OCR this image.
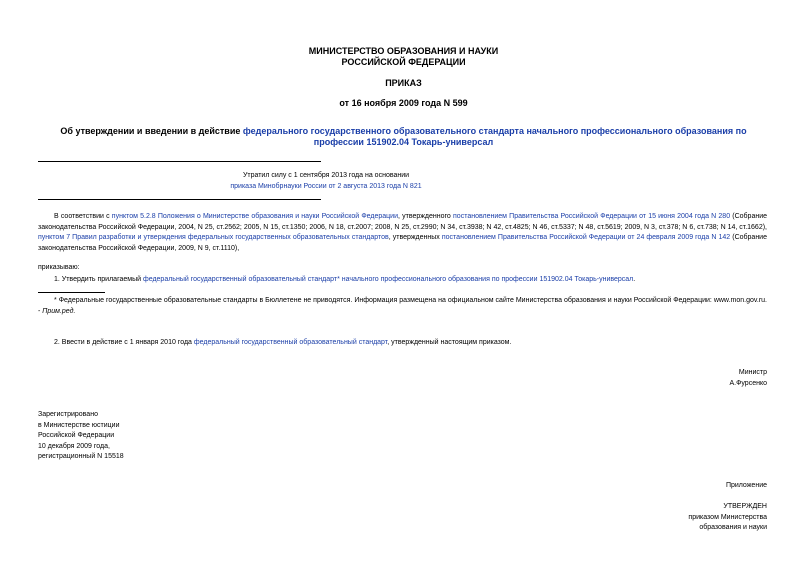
МИНИСТЕРСТВО ОБРАЗОВАНИЯ И НАУКИ
РОССИЙСКОЙ ФЕДЕРАЦИИ
ПРИКАЗ
от 16 ноября 2009 года N 599
Об утверждении и введении в действие федерального государственного образовательного стандарта начального профессионального образования по профессии 151902.04 Токарь-универсал
Утратил силу с 1 сентября 2013 года на основании
приказа Минобрнауки России от 2 августа 2013 года N 821
В соответствии с пунктом 5.2.8 Положения о Министерстве образования и науки Российской Федерации, утвержденного постановлением Правительства Российской Федерации от 15 июня 2004 года N 280 (Собрание законодательства Российской Федерации, 2004, N 25, ст.2562; 2005, N 15, ст.1350; 2006, N 18, ст.2007; 2008, N 25, ст.2990; N 34, ст.3938; N 42, ст.4825; N 46, ст.5337; N 48, ст.5619; 2009, N 3, ст.378; N 6, ст.738; N 14, ст.1662), пунктом 7 Правил разработки и утверждения федеральных государственных образовательных стандартов, утвержденных постановлением Правительства Российской Федерации от 24 февраля 2009 года N 142 (Собрание законодательства Российской Федерации, 2009, N 9, ст.1110),
приказываю:
1. Утвердить прилагаемый федеральный государственный образовательный стандарт* начального профессионального образования по профессии 151902.04 Токарь-универсал.
* Федеральные государственные образовательные стандарты в Бюллетене не приводятся. Информация размещена на официальном сайте Министерства образования и науки Российской Федерации: www.mon.gov.ru. - Прим.ред.
2. Ввести в действие с 1 января 2010 года федеральный государственный образовательный стандарт, утвержденный настоящим приказом.
Министр
А.Фурсенко
Зарегистрировано
в Министерстве юстиции
Российской Федерации
10 декабря 2009 года,
регистрационный N 15518
Приложение
УТВЕРЖДЕН
приказом Министерства
образования и науки
